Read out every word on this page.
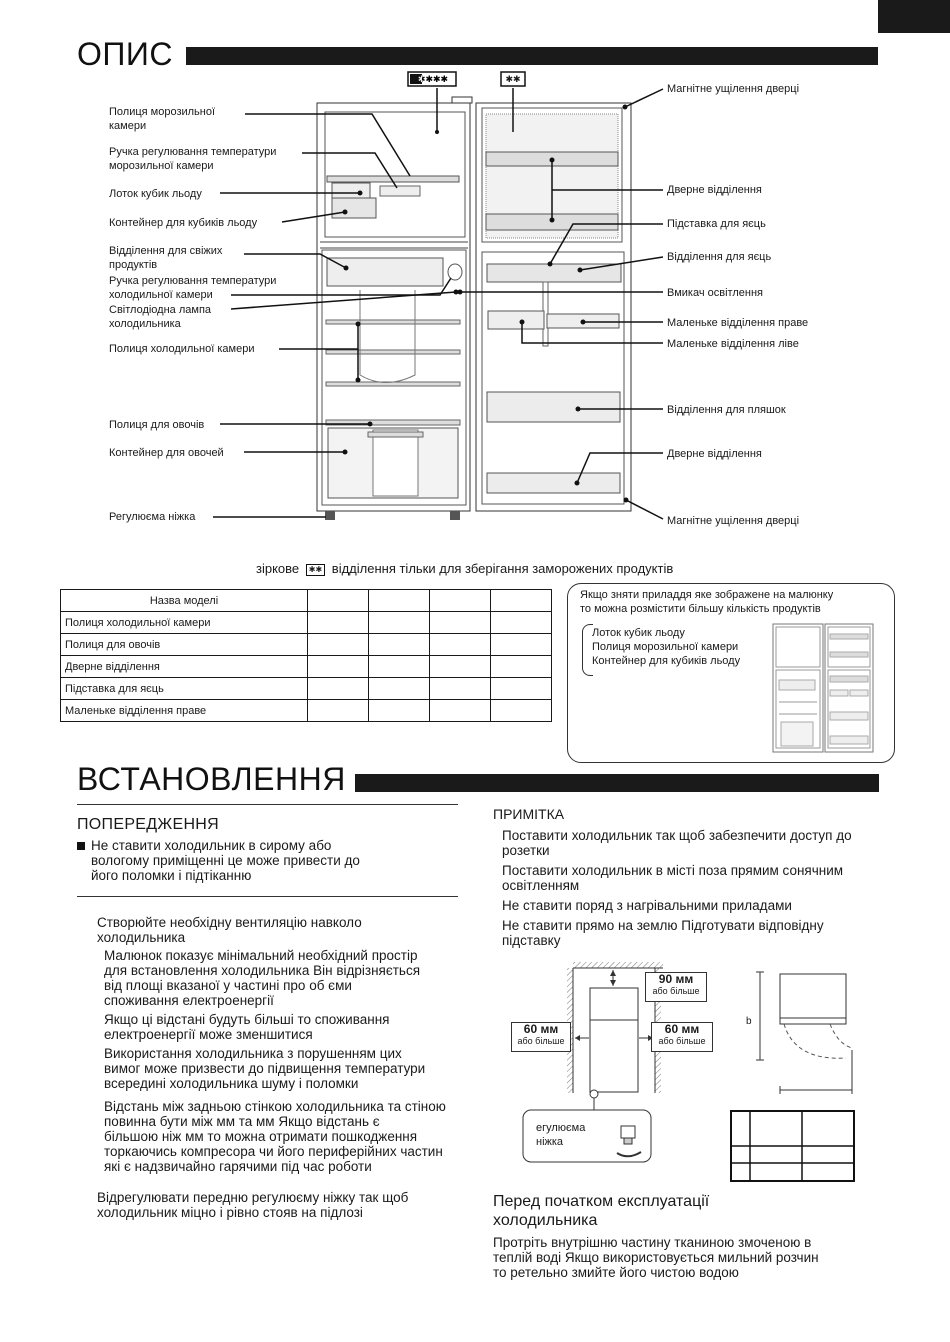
ОПИС
✱✱✱✱	✱✱
Полиця морозильної
камери
Ручка регулювання температури
морозильної камери
Лоток кубик льоду
Контейнер для кубиків льоду
Відділення для свіжих
продуктів
Ручка регулювання температури
холодильної камери
Світлодіодна лампа
холодильника
Полиця холодильної камери
Полиця для овочів
Контейнер для овочей
Регулюєма ніжка
Магнітне ущілення дверці
Дверне відділення
Підставка для яєць
Відділення для яєць
Вмикач освітлення
Маленьке відділення праве
Маленьке відділення ліве
Відділення для пляшок
Дверне відділення
Магнітне ущілення дверці
зіркове ✱✱ відділення тільки для зберігання заморожених продуктів
Назва моделі				
Полиця холодильної камери				
Полиця для овочів				
Дверне відділення				
Підставка для яєць				
Маленьке відділення праве				
Якщо зняти приладдя яке зображене на малюнку
то можна розмістити більшу кількість продуктів
Лоток кубик льоду
Полиця морозильної камери
Контейнер для кубиків льоду
ВСТАНОВЛЕННЯ
ПОПЕРЕДЖЕННЯ
Не ставити холодильник в сирому або
вологому приміщенні це може привести до
його поломки і підтіканню
Створюйте необхідну вентиляцію навколо
холодильника
Малюнок показує мінімальний необхідний простір
для встановлення холодильника Він відрізняється
від площі вказаної у частині про об єми
споживання електроенергії
Якщо ці відстані будуть більші то споживання
електроенергії може зменшитися
Використання холодильника з порушенням цих
вимог може призвести до підвищення температури
всередині холодильника шуму і поломки
Відстань між задньою стінкою холодильника та стіною
повинна бути між мм та мм Якщо відстань є
більшою ніж мм то можна отримати пошкодження
торкаючись компресора чи його периферійних частин
які є надзвичайно гарячими під час роботи
Відрегулювати передню регулюєму ніжку так щоб
холодильник міцно і рівно стояв на підлозі
ПРИМІТКА
Поставити холодильник так щоб забезпечити доступ до
розетки
Поставити холодильник в місті поза прямим сонячним
освітленням
Не ставити поряд з нагрівальними приладами
Не ставити прямо на землю Підготувати відповідну
підставку
90 мм
або більше
60 мм
або більше
60 мм
або більше
егулюєма
ніжка
b
Перед початком експлуатації
холодильника
Протріть внутрішню частину тканиною змоченою в
теплій воді Якщо використовується мильний розчин
то ретельно змийте його чистою водою
